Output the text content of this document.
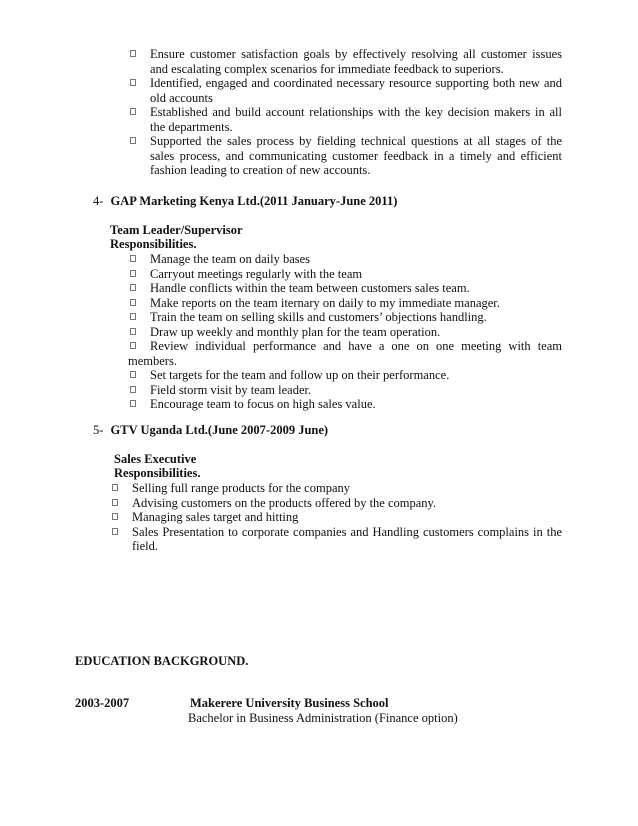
Ensure customer satisfaction goals by effectively resolving all customer issues and escalating complex scenarios for immediate feedback to superiors.
Identified, engaged and coordinated necessary resource supporting both new and old accounts
Established and build account relationships with the key decision makers in all the departments.
Supported the sales process by fielding technical questions at all stages of the sales process, and communicating customer feedback in a timely and efficient fashion leading to creation of new accounts.
4- GAP Marketing Kenya Ltd.(2011 January-June 2011)
Team Leader/Supervisor
Responsibilities.
Manage the team on daily bases
Carryout meetings regularly with the team
Handle conflicts within the team between customers sales team.
Make reports on the team iternary on daily to my immediate manager.
Train the team on selling skills and customers’ objections handling.
Draw up weekly and monthly plan for the team operation.
Review individual performance and have a one on one meeting with team members.
Set targets for the team and follow up on their performance.
Field storm visit by team leader.
Encourage team to focus on high sales value.
5- GTV Uganda Ltd.(June 2007-2009 June)
Sales Executive
Responsibilities.
Selling full range products for the company
Advising customers on the products offered by the company.
Managing sales target and hitting
Sales Presentation to corporate companies and Handling customers complains in the field.
EDUCATION BACKGROUND.
2003-2007	Makerere University Business School
Bachelor in Business Administration (Finance option)
